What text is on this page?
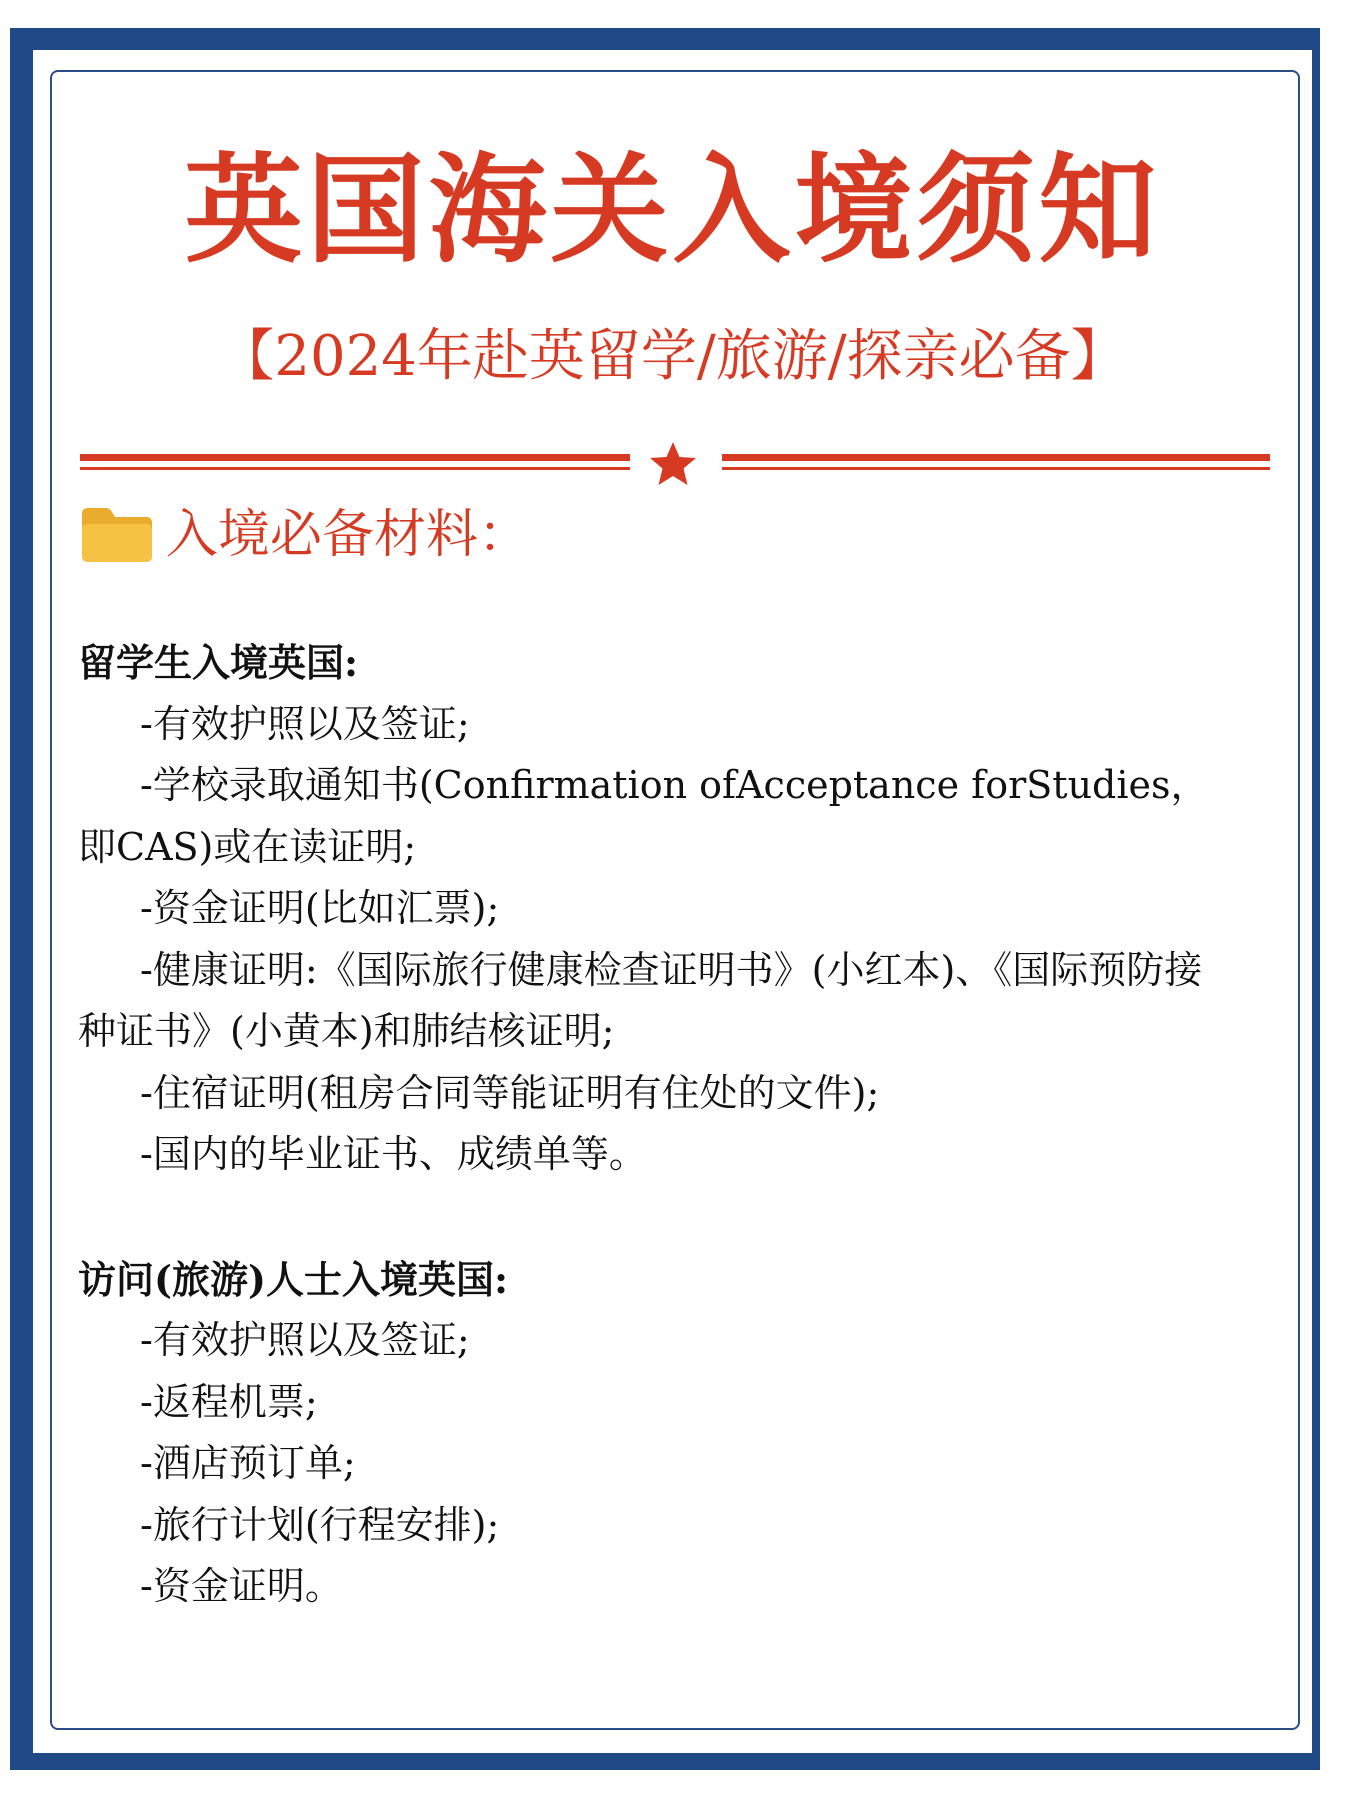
英国海关入境须知
【2024年赴英留学/旅游/探亲必备】
入境必备材料：
留学生入境英国:
-有效护照以及签证;
-学校录取通知书(Confirmation ofAcceptance forStudies，即CAS)或在读证明;
-资金证明(比如汇票);
-健康证明:《国际旅行健康检查证明书》(小红本)、《国际预防接种证书》(小黄本)和肺结核证明;
-住宿证明(租房合同等能证明有住处的文件);
-国内的毕业证书、成绩单等。
访问(旅游)人士入境英国:
-有效护照以及签证;
-返程机票;
-酒店预订单;
-旅行计划(行程安排);
-资金证明。
